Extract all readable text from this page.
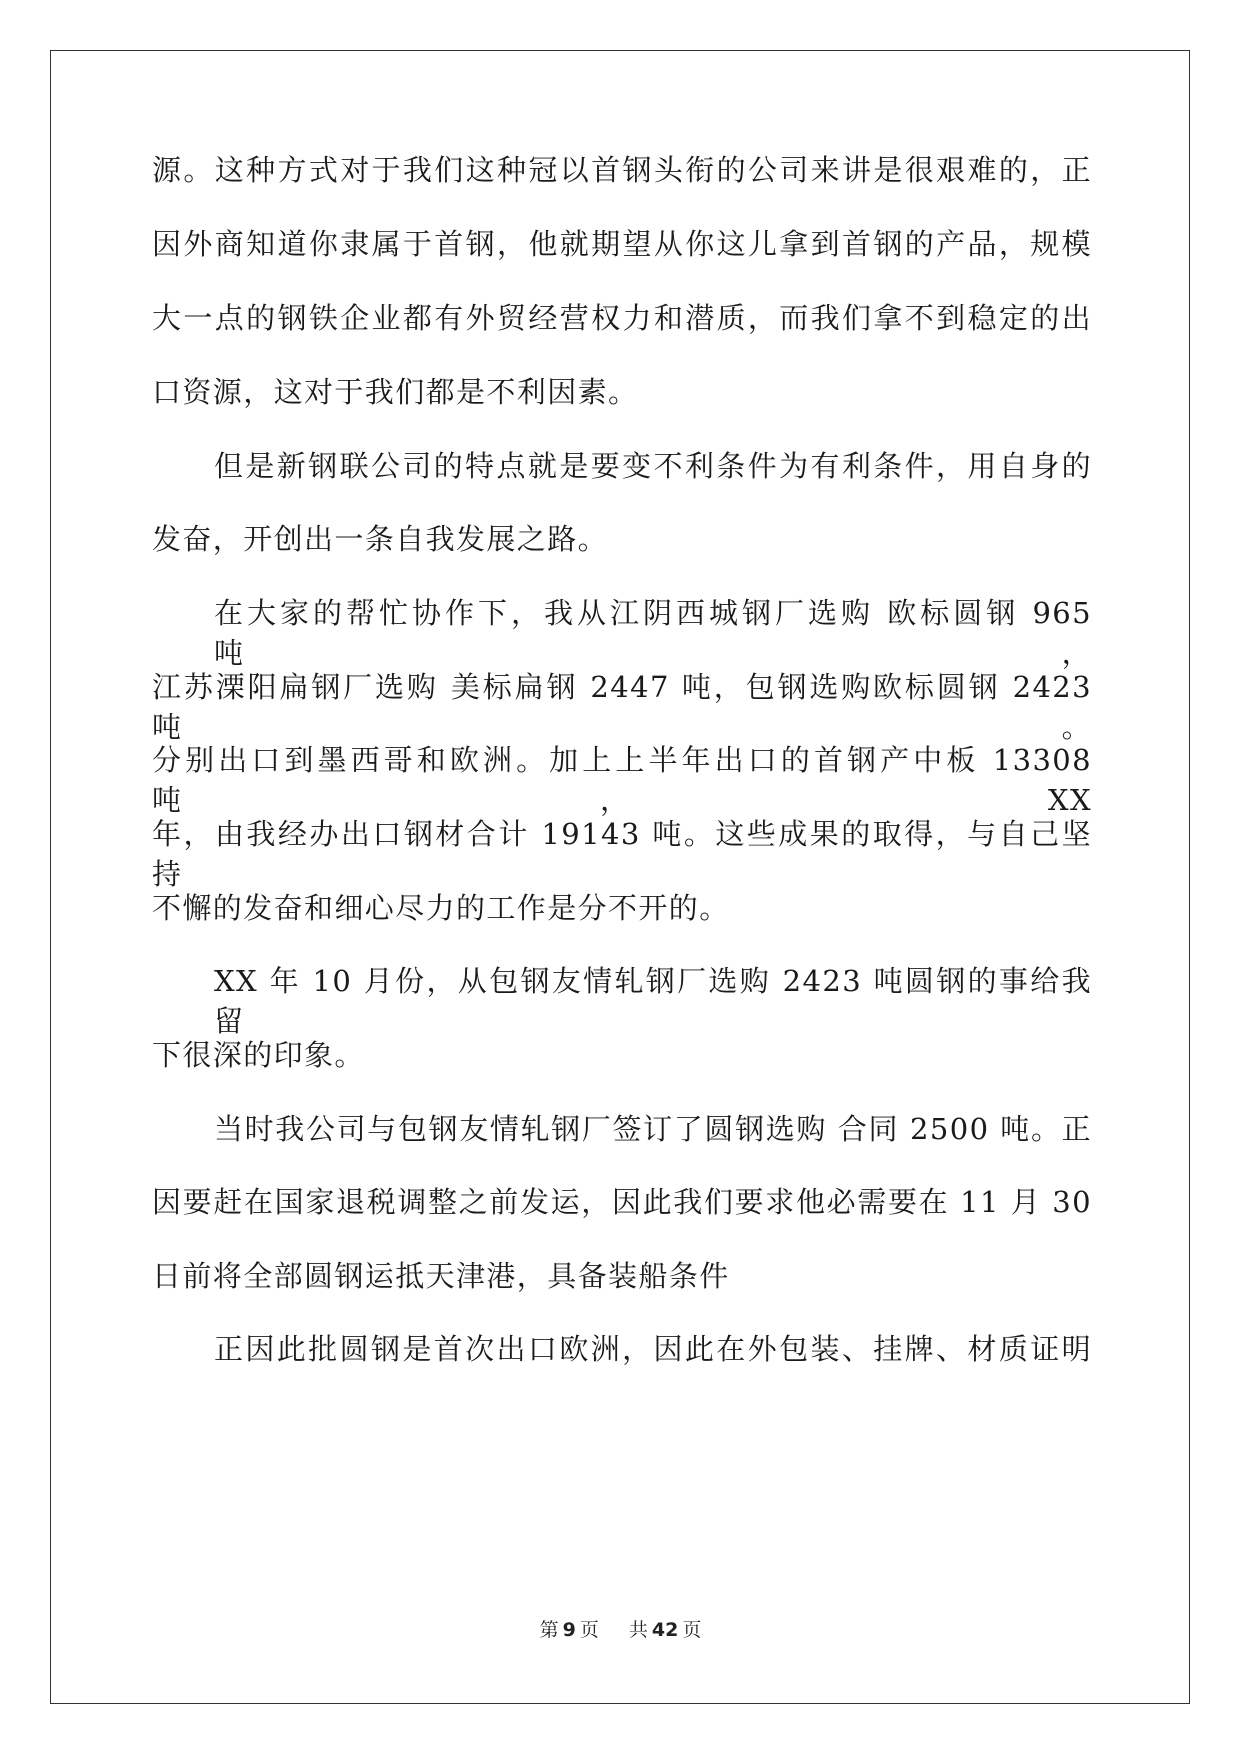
源。这种方式对于我们这种冠以首钢头衔的公司来讲是很艰难的，正
因外商知道你隶属于首钢，他就期望从你这儿拿到首钢的产品，规模
大一点的钢铁企业都有外贸经营权力和潜质，而我们拿不到稳定的出
口资源，这对于我们都是不利因素。
但是新钢联公司的特点就是要变不利条件为有利条件，用自身的
发奋，开创出一条自我发展之路。
在大家的帮忙协作下，我从江阴西城钢厂选购 欧标圆钢 965 吨，
江苏溧阳扁钢厂选购 美标扁钢 2447 吨，包钢选购欧标圆钢 2423 吨。
分别出口到墨西哥和欧洲。加上上半年出口的首钢产中板 13308 吨，XX
年，由我经办出口钢材合计 19143 吨。这些成果的取得，与自己坚持
不懈的发奋和细心尽力的工作是分不开的。
XX 年 10 月份，从包钢友情轧钢厂选购 2423 吨圆钢的事给我留
下很深的印象。
当时我公司与包钢友情轧钢厂签订了圆钢选购 合同 2500 吨。正
因要赶在国家退税调整之前发运，因此我们要求他必需要在 11 月 30
日前将全部圆钢运抵天津港，具备装船条件
正因此批圆钢是首次出口欧洲，因此在外包装、挂牌、材质证明
第 9 页 共 42 页
